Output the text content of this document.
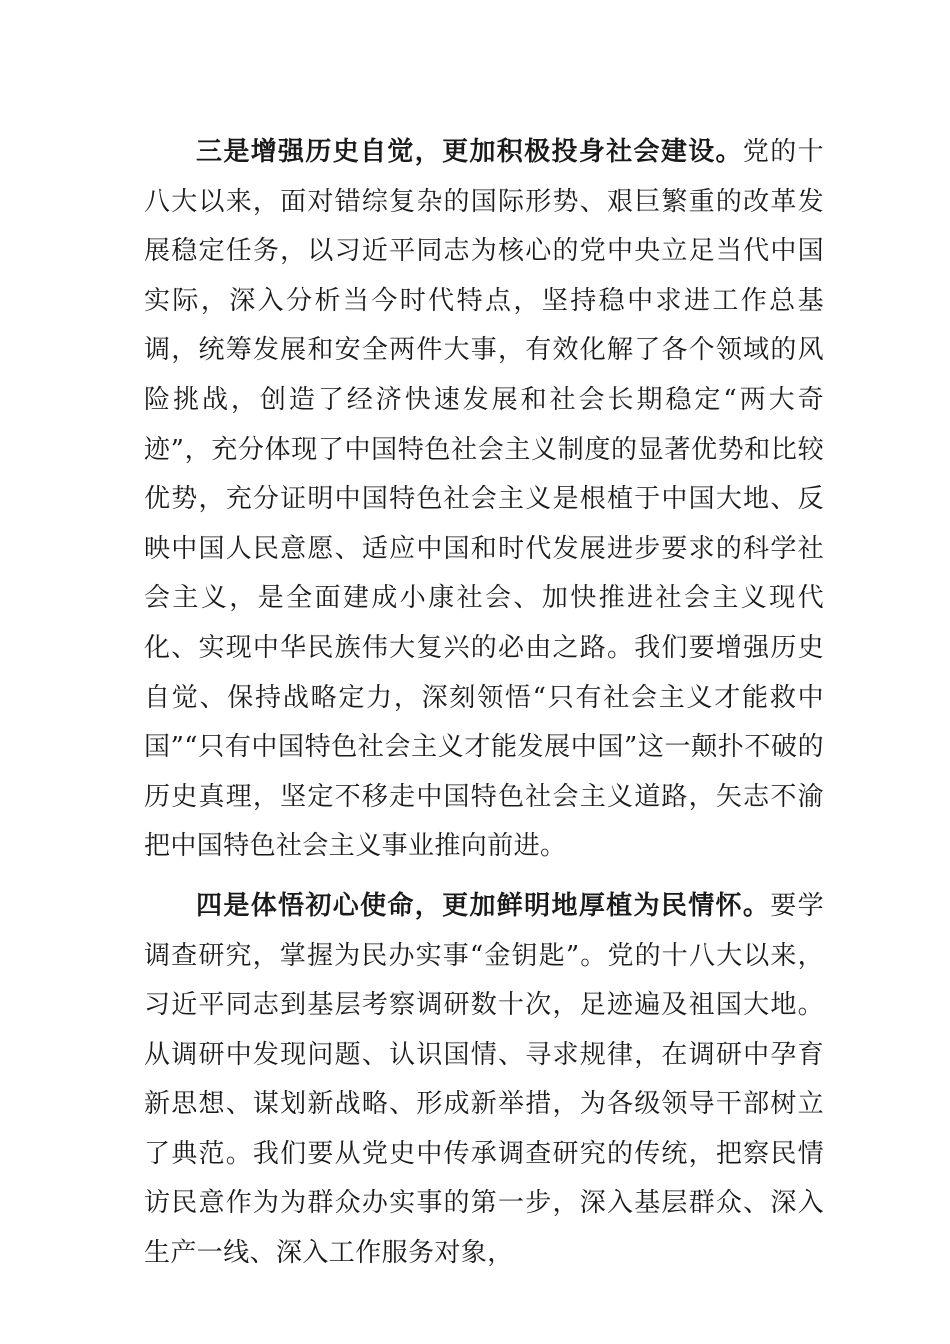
三是增强历史自觉，更加积极投身社会建设。党的十八大以来，面对错综复杂的国际形势、艰巨繁重的改革发展稳定任务，以习近平同志为核心的党中央立足当代中国实际，深入分析当今时代特点，坚持稳中求进工作总基调，统筹发展和安全两件大事，有效化解了各个领域的风险挑战，创造了经济快速发展和社会长期稳定“两大奇迹”，充分体现了中国特色社会主义制度的显著优势和比较优势，充分证明中国特色社会主义是根植于中国大地、反映中国人民意愿、适应中国和时代发展进步要求的科学社会主义，是全面建成小康社会、加快推进社会主义现代化、实现中华民族伟大复兴的必由之路。我们要增强历史自觉、保持战略定力，深刻领悟“只有社会主义才能救中国”“只有中国特色社会主义才能发展中国”这一颠扑不破的历史真理，坚定不移走中国特色社会主义道路，矢志不渝把中国特色社会主义事业推向前进。

四是体悟初心使命，更加鲜明地厚植为民情怀。要学调查研究，掌握为民办实事“金钥匙”。党的十八大以来，习近平同志到基层考察调研数十次，足迹遍及祖国大地。从调研中发现问题、认识国情、寻求规律，在调研中孕育新思想、谋划新战略、形成新举措，为各级领导干部树立了典范。我们要从党史中传承调查研究的传统，把察民情访民意作为为群众办实事的第一步，深入基层群众、深入生产一线、深入工作服务对象，
